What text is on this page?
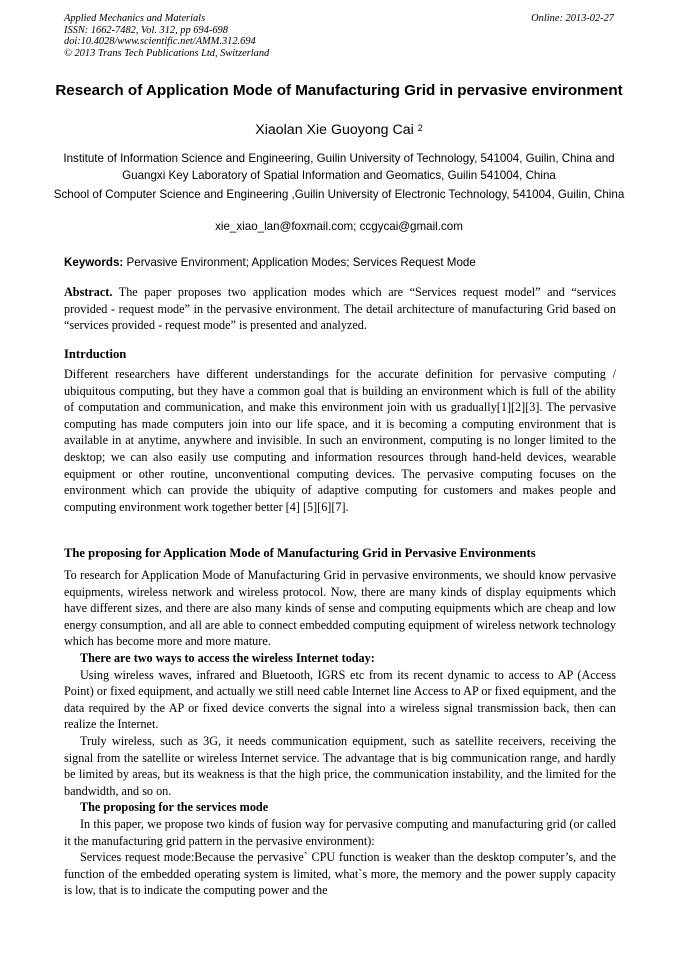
Applied Mechanics and Materials
ISSN: 1662-7482, Vol. 312, pp 694-698
doi:10.4028/www.scientific.net/AMM.312.694
© 2013 Trans Tech Publications Ltd, Switzerland
Online: 2013-02-27
Research of Application Mode of Manufacturing Grid in pervasive environment
Xiaolan Xie Guoyong Cai $^2$
Institute of Information Science and Engineering, Guilin University of Technology, 541004, Guilin, China and Guangxi Key Laboratory of Spatial Information and Geomatics, Guilin 541004, China
School of Computer Science and Engineering ,Guilin University of Electronic Technology, 541004, Guilin, China
xie_xiao_lan@foxmail.com; ccgycai@gmail.com
Keywords: Pervasive Environment; Application Modes; Services Request Mode

Abstract. The paper proposes two application modes which are “Services request model” and “services provided - request mode” in the pervasive environment. The detail architecture of manufacturing Grid based on “services provided - request mode” is presented and analyzed.

Intrduction
Different researchers have different understandings for the accurate definition for pervasive computing / ubiquitous computing, but they have a common goal that is building an environment which is full of the ability of computation and communication, and make this environment join with us gradually[1][2][3]. The pervasive computing has made computers join into our life space, and it is becoming a computing environment that is available in at anytime, anywhere and invisible. In such an environment, computing is no longer limited to the desktop; we can also easily use computing and information resources through hand-held devices, wearable equipment or other routine, unconventional computing devices. The pervasive computing focuses on the environment which can provide the ubiquity of adaptive computing for customers and makes people and computing environment work together better [4] [5][6][7].
The proposing for Application Mode of Manufacturing Grid in Pervasive Environments

To research for Application Mode of Manufacturing Grid in pervasive environments, we should know pervasive equipments, wireless network and wireless protocol. Now, there are many kinds of display equipments which have different sizes, and there are also many kinds of sense and computing equipments which are cheap and low energy consumption, and all are able to connect embedded computing equipment of wireless network technology which has become more and more mature.

There are two ways to access the wireless Internet today:

Using wireless waves, infrared and Bluetooth, IGRS etc from its recent dynamic to access to AP (Access Point) or fixed equipment, and actually we still need cable Internet line Access to AP or fixed equipment, and the data required by the AP or fixed device converts the signal into a wireless signal transmission back, then can realize the Internet.

Truly wireless, such as 3G, it needs communication equipment, such as satellite receivers, receiving the signal from the satellite or wireless Internet service. The advantage that is big communication range, and hardly be limited by areas, but its weakness is that the high price, the communication instability, and the limited for the bandwidth, and so on.

The proposing for the services mode

In this paper, we propose two kinds of fusion way for pervasive computing and manufacturing grid (or called it the manufacturing grid pattern in the pervasive environment):

Services request mode:Because the pervasive` CPU function is weaker than the desktop computer’s, and the function of the embedded operating system is limited, what`s more, the memory and the power supply capacity is low, that is to indicate the computing power and the
